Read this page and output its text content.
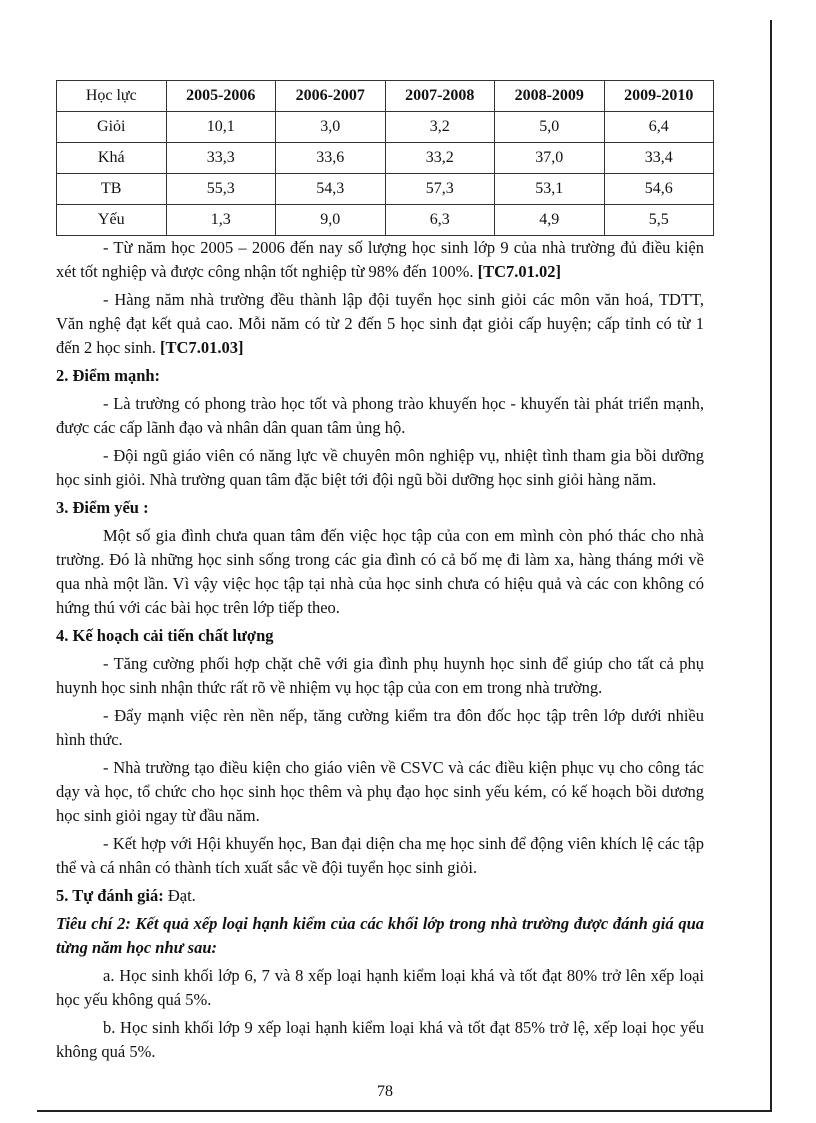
Học lực	2005-2006	2006-2007	2007-2008	2008-2009	2009-2010
Giỏi	10,1	3,0	3,2	5,0	6,4
Khá	33,3	33,6	33,2	37,0	33,4
TB	55,3	54,3	57,3	53,1	54,6
Yếu	1,3	9,0	6,3	4,9	5,5

- Từ năm học 2005 – 2006 đến nay số lượng học sinh lớp 9 của nhà trường đủ điều kiện xét tốt nghiệp và được công nhận tốt nghiệp từ 98% đến 100%. [TC7.01.02]

- Hàng năm nhà trường đều thành lập đội tuyển học sinh giỏi các môn văn hoá, TDTT, Văn nghệ đạt kết quả cao. Mỗi năm có từ 2 đến 5 học sinh đạt giỏi cấp huyện; cấp tỉnh có từ 1 đến 2 học sinh. [TC7.01.03]

2. Điểm mạnh:

- Là trường có phong trào học tốt và phong trào khuyến học - khuyến tài phát triển mạnh, được các cấp lãnh đạo và nhân dân quan tâm ủng hộ.

- Đội ngũ giáo viên có năng lực về chuyên môn nghiệp vụ, nhiệt tình tham gia bồi dưỡng học sinh giỏi. Nhà trường quan tâm đặc biệt tới đội ngũ bồi dưỡng học sinh giỏi hàng năm.

3. Điểm yếu :

Một số gia đình chưa quan tâm đến việc học tập của con em mình còn phó thác cho nhà trường. Đó là những học sinh sống trong các gia đình có cả bố mẹ đi làm xa, hàng tháng mới về qua nhà một lần. Vì vậy việc học tập tại nhà của học sinh chưa có hiệu quả và các con không có hứng thú với các bài học trên lớp tiếp theo.

4. Kế hoạch cải tiến chất lượng

- Tăng cường phối hợp chặt chẽ với gia đình phụ huynh học sinh để giúp cho tất cả phụ huynh học sinh nhận thức rất rõ về nhiệm vụ học tập của con em trong nhà trường.

- Đẩy mạnh việc rèn nền nếp, tăng cường kiểm tra đôn đốc học tập trên lớp dưới nhiều hình thức.

- Nhà trường tạo điều kiện cho giáo viên về CSVC và các điều kiện phục vụ cho công tác dạy và học, tổ chức cho học sinh học thêm và phụ đạo học sinh yếu kém, có kế hoạch bồi dương học sinh giỏi ngay từ đầu năm.

- Kết hợp với Hội khuyến học, Ban đại diện cha mẹ học sinh để động viên khích lệ các tập thể và cá nhân có thành tích xuất sắc về đội tuyển học sinh giỏi.

5. Tự đánh giá: Đạt.

Tiêu chí 2: Kết quả xếp loại hạnh kiểm của các khối lớp trong nhà trường được đánh giá qua từng năm học như sau:

a. Học sinh khối lớp 6, 7 và 8 xếp loại hạnh kiểm loại khá và tốt đạt 80% trở lên xếp loại học yếu không quá 5%.

b. Học sinh khối lớp 9 xếp loại hạnh kiểm loại khá và tốt đạt 85% trở lệ, xếp loại học yếu không quá 5%.

78
